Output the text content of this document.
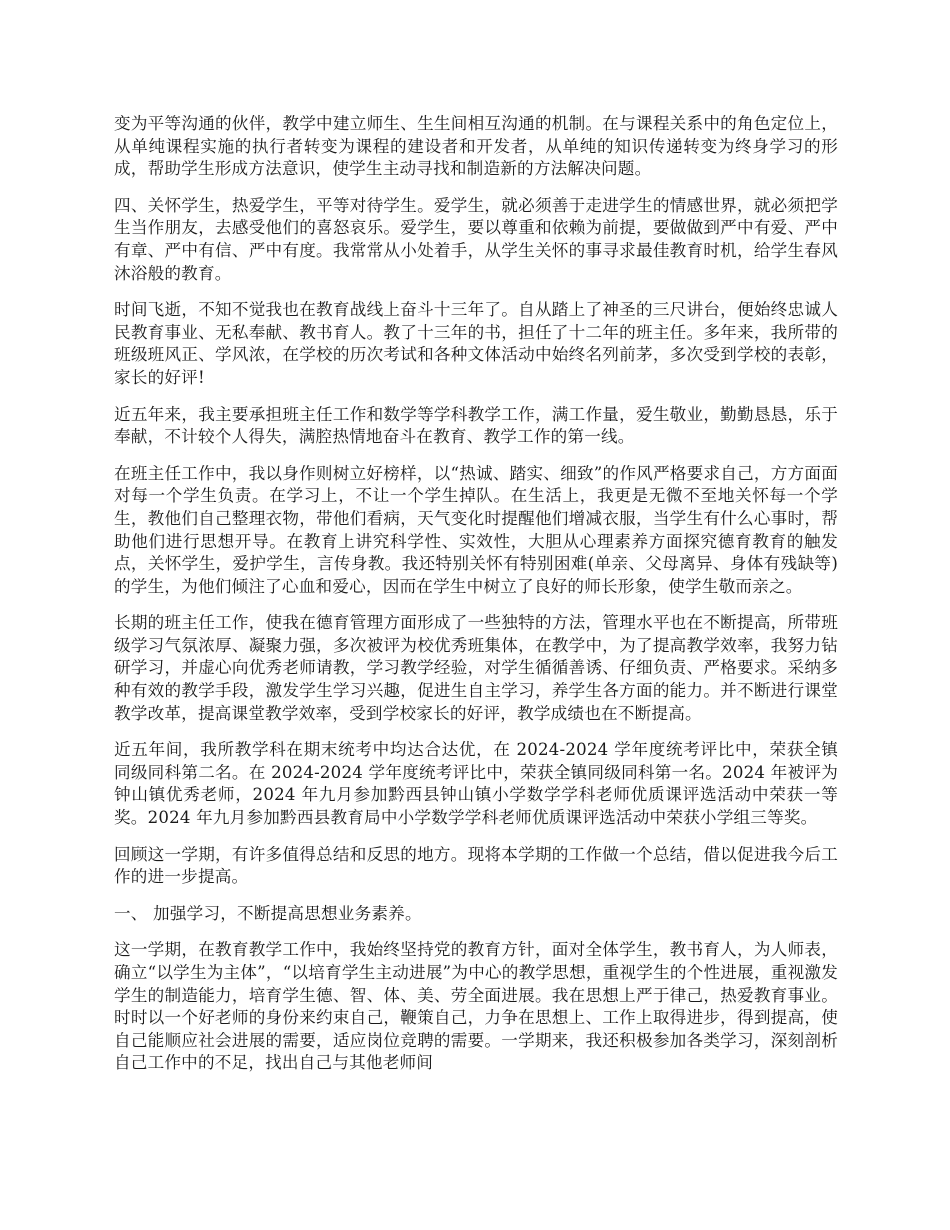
变为平等沟通的伙伴，教学中建立师生、生生间相互沟通的机制。在与课程关系中的角色定位上，从单纯课程实施的执行者转变为课程的建设者和开发者，从单纯的知识传递转变为终身学习的形成，帮助学生形成方法意识，使学生主动寻找和制造新的方法解决问题。

四、关怀学生，热爱学生，平等对待学生。爱学生，就必须善于走进学生的情感世界，就必须把学生当作朋友，去感受他们的喜怒哀乐。爱学生，要以尊重和依赖为前提，要做做到严中有爱、严中有章、严中有信、严中有度。我常常从小处着手，从学生关怀的事寻求最佳教育时机，给学生春风沐浴般的教育。

时间飞逝，不知不觉我也在教育战线上奋斗十三年了。自从踏上了神圣的三尺讲台，便始终忠诚人民教育事业、无私奉献、教书育人。教了十三年的书，担任了十二年的班主任。多年来，我所带的班级班风正、学风浓，在学校的历次考试和各种文体活动中始终名列前茅，多次受到学校的表彰，家长的好评!

近五年来，我主要承担班主任工作和数学等学科教学工作，满工作量，爱生敬业，勤勤恳恳，乐于奉献，不计较个人得失，满腔热情地奋斗在教育、教学工作的第一线。

在班主任工作中，我以身作则树立好榜样，以“热诚、踏实、细致”的作风严格要求自己，方方面面对每一个学生负责。在学习上，不让一个学生掉队。在生活上，我更是无微不至地关怀每一个学生，教他们自己整理衣物，带他们看病，天气变化时提醒他们增减衣服，当学生有什么心事时，帮助他们进行思想开导。在教育上讲究科学性、实效性，大胆从心理素养方面探究德育教育的触发点，关怀学生，爱护学生，言传身教。我还特别关怀有特别困难(单亲、父母离异、身体有残缺等)的学生，为他们倾注了心血和爱心，因而在学生中树立了良好的师长形象，使学生敬而亲之。

长期的班主任工作，使我在德育管理方面形成了一些独特的方法，管理水平也在不断提高，所带班级学习气氛浓厚、凝聚力强，多次被评为校优秀班集体，在教学中，为了提高教学效率，我努力钻研学习，并虚心向优秀老师请教，学习教学经验，对学生循循善诱、仔细负责、严格要求。采纳多种有效的教学手段，激发学生学习兴趣，促进生自主学习，养学生各方面的能力。并不断进行课堂教学改革，提高课堂教学效率，受到学校家长的好评，教学成绩也在不断提高。

近五年间，我所教学科在期末统考中均达合达优，在 2024-2024 学年度统考评比中，荣获全镇同级同科第二名。在 2024-2024 学年度统考评比中，荣获全镇同级同科第一名。2024 年被评为钟山镇优秀老师，2024 年九月参加黔西县钟山镇小学数学学科老师优质课评选活动中荣获一等奖。2024 年九月参加黔西县教育局中小学数学学科老师优质课评选活动中荣获小学组三等奖。

回顾这一学期，有许多值得总结和反思的地方。现将本学期的工作做一个总结，借以促进我今后工作的进一步提高。

一、 加强学习，不断提高思想业务素养。

这一学期，在教育教学工作中，我始终坚持党的教育方针，面对全体学生，教书育人，为人师表，确立“以学生为主体”，“以培育学生主动进展”为中心的教学思想，重视学生的个性进展，重视激发学生的制造能力，培育学生德、智、体、美、劳全面进展。我在思想上严于律己，热爱教育事业。时时以一个好老师的身份来约束自己，鞭策自己，力争在思想上、工作上取得进步，得到提高，使自己能顺应社会进展的需要，适应岗位竞聘的需要。一学期来，我还积极参加各类学习，深刻剖析自己工作中的不足，找出自己与其他老师间
